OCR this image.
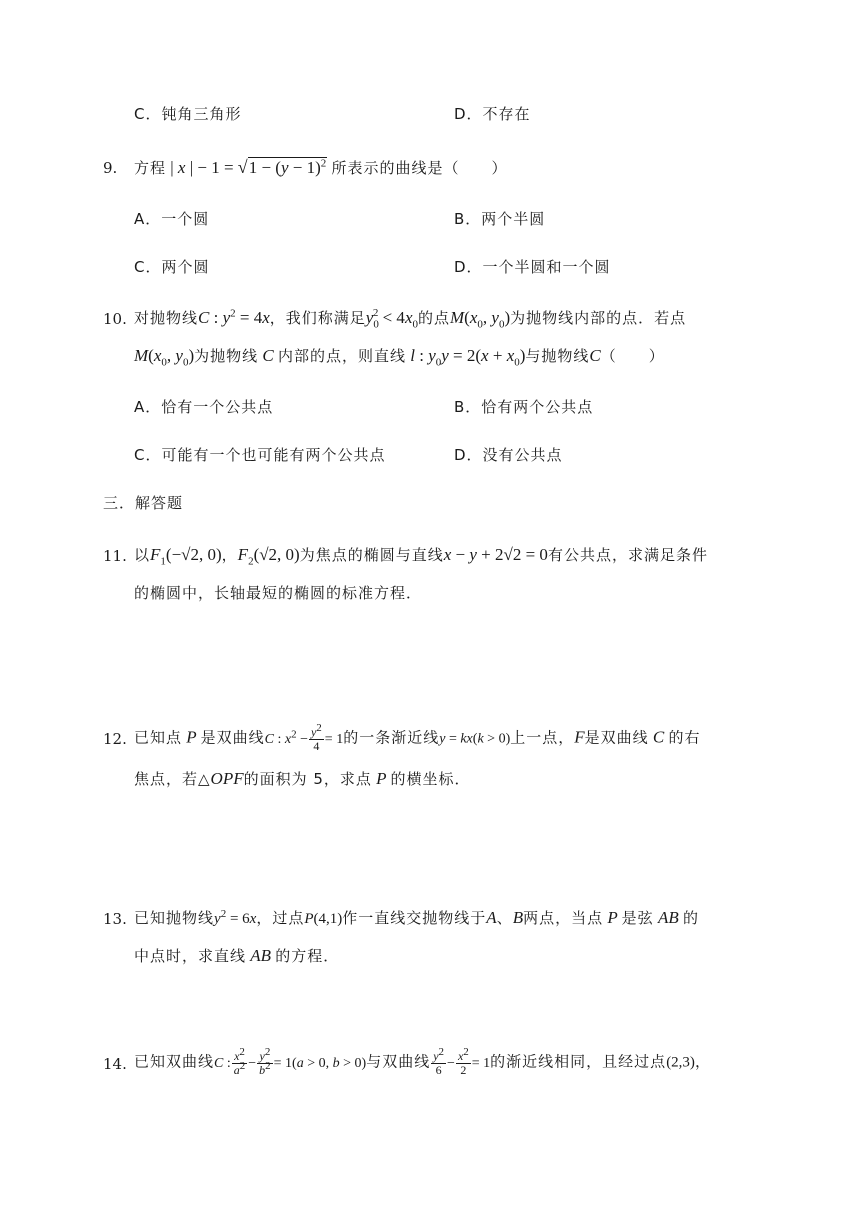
C．钝角三角形	D．不存在
9. 方程 | x | − $1 = √1 - (y - 1)^2$ 所表示的曲线是（　　）
A．一个圆	B．两个半圆
C．两个圆	D．一个半圆和一个圆
10. 对抛物线C : $y^2 = 4x$，我们称满足$y_0^2 < 4x_0$的点$M(x_0$, $y_0$)为抛物线内部的点．若点
$M(x_0$, $y_0$)为抛物线 C 内部的点，则直线 l : $y_0y = 2(x + x_0)$与抛物线C（　　）
A．恰有一个公共点	B．恰有两个公共点
C．可能有一个也可能有两个公共点	D．没有公共点
三．解答题
11. 以$F_1(-√2$, 0)，$F_2(√2$, 0)为焦点的椭圆与直线x − y + 2√2 = 0有公共点，求满足条件
的椭圆中，长轴最短的椭圆的标准方程．
12. 已知点 P 是双曲线C : $x^2 - \frac{y^2}{4} = 1$的一条渐近线y = kx(k > 0)上一点，F是双曲线 C 的右
焦点，若△OPF的面积为 5，求点 P 的横坐标．
13. 已知抛物线$y^2 = 6x$，过点P(4,1)作一直线交抛物线于A、B两点，当点 P 是弦 AB 的
中点时，求直线 AB 的方程．
14. 已知双曲线C : $\frac{x^2}{a^2} - \frac{y^2}{b^2} = 1(a > 0$, b > 0)与双曲线 $\frac{y^2}{6} - \frac{x^2}{2} = 1$的渐近线相同，且经过点(2,3)，
